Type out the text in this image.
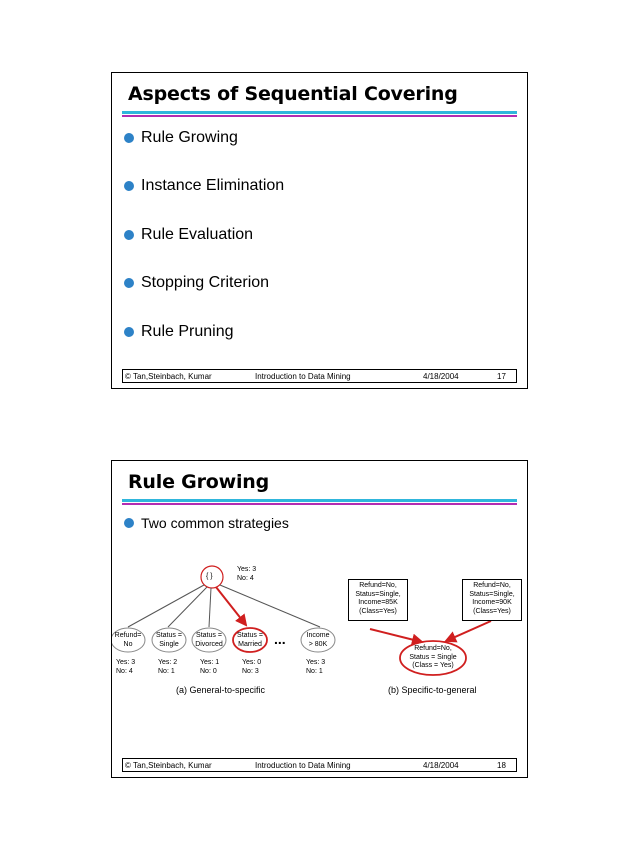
Aspects of Sequential Covering
Rule Growing
Instance Elimination
Rule Evaluation
Stopping Criterion
Rule Pruning
© Tan,Steinbach, Kumar	Introduction to Data Mining	4/18/2004	17
Rule Growing
Two common strategies
{ }
Yes: 3
No: 4
Refund=
No
Status =
Single
Status =
Divorced
Status =
Married ...	Income
> 80K
Yes: 3
No: 4
Yes: 2
No: 1
Yes: 1
No: 0
Yes: 0
No: 3
Yes: 3
No: 1
Refund=No,
Status=Single,
Income=85K
(Class=Yes)
Refund=No,
Status=Single,
Income=90K
(Class=Yes)
Refund=No,
Status = Single
(Class = Yes)
(a) General-to-specific	(b) Specific-to-general
© Tan,Steinbach, Kumar	Introduction to Data Mining	4/18/2004	18
